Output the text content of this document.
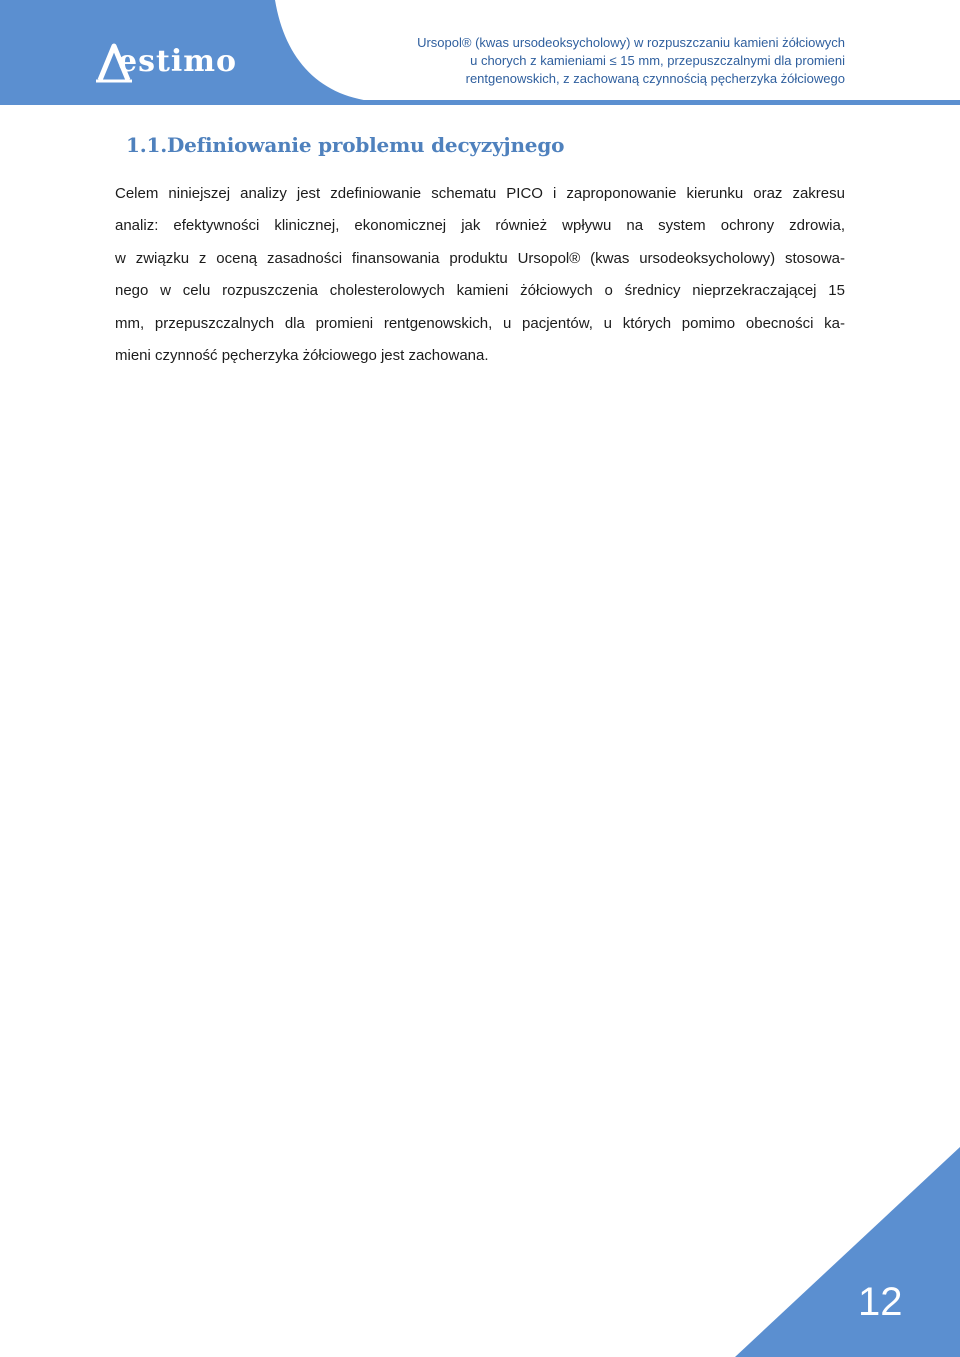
estimo
Ursopol® (kwas ursodeoksycholowy) w rozpuszczaniu kamieni żółciowych
u chorych z kamieniami ≤ 15 mm, przepuszczalnymi dla promieni
rentgenowskich, z zachowaną czynnością pęcherzyka żółciowego
1.1.Definiowanie problemu decyzyjnego
Celem niniejszej analizy jest zdefiniowanie schematu PICO i zaproponowanie kierunku oraz zakresu
analiz: efektywności klinicznej, ekonomicznej jak również wpływu na system ochrony zdrowia,
w związku z oceną zasadności finansowania produktu Ursopol® (kwas ursodeoksycholowy) stosowa-
nego w celu rozpuszczenia cholesterolowych kamieni żółciowych o średnicy nieprzekraczającej 15
mm, przepuszczalnych dla promieni rentgenowskich, u pacjentów, u których pomimo obecności ka-
mieni czynność pęcherzyka żółciowego jest zachowana.
12
